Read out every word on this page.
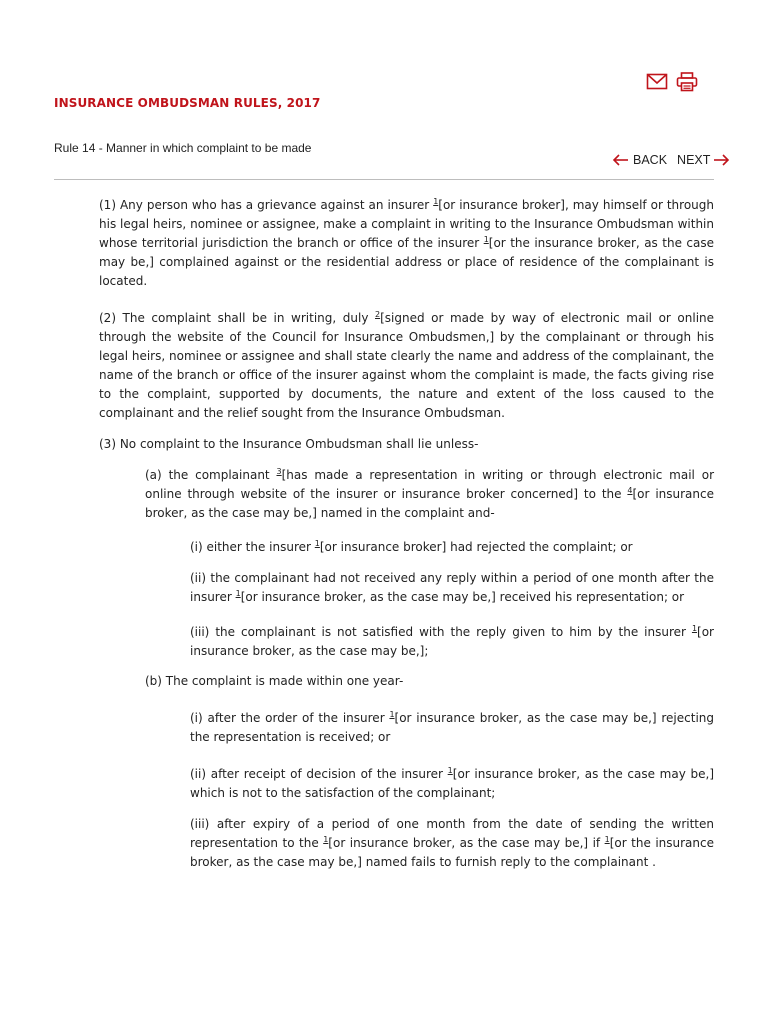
INSURANCE OMBUDSMAN RULES, 2017
Rule 14 - Manner in which complaint to be made
BACK NEXT

(1) Any person who has a grievance against an insurer $^1$[or insurance broker], may himself or through his legal heirs, nominee or assignee, make a complaint in writing to the Insurance Ombudsman within whose territorial jurisdiction the branch or office of the insurer $^1$[or the insurance broker, as the case may be,] complained against or the residential address or place of residence of the complainant is located.

(2) The complaint shall be in writing, duly $^2$[signed or made by way of electronic mail or online through the website of the Council for Insurance Ombudsmen,] by the complainant or through his legal heirs, nominee or assignee and shall state clearly the name and address of the complainant, the name of the branch or office of the insurer against whom the complaint is made, the facts giving rise to the complaint, supported by documents, the nature and extent of the loss caused to the complainant and the relief sought from the Insurance Ombudsman.

(3) No complaint to the Insurance Ombudsman shall lie unless-

(a) the complainant $^3$[has made a representation in writing or through electronic mail or online through website of the insurer or insurance broker concerned] to the $^4$[or insurance broker, as the case may be,] named in the complaint and-

(i) either the insurer $^1$[or insurance broker] had rejected the complaint; or

(ii) the complainant had not received any reply within a period of one month after the insurer $^1$[or insurance broker, as the case may be,] received his representation; or

(iii) the complainant is not satisfied with the reply given to him by the insurer $^1$[or insurance broker, as the case may be,];

(b) The complaint is made within one year-

(i) after the order of the insurer $^1$[or insurance broker, as the case may be,] rejecting the representation is received; or

(ii) after receipt of decision of the insurer $^1$[or insurance broker, as the case may be,] which is not to the satisfaction of the complainant;

(iii) after expiry of a period of one month from the date of sending the written representation to the $^1$[or insurance broker, as the case may be,] if $^1$[or the insurance broker, as the case may be,] named fails to furnish reply to the complainant .
